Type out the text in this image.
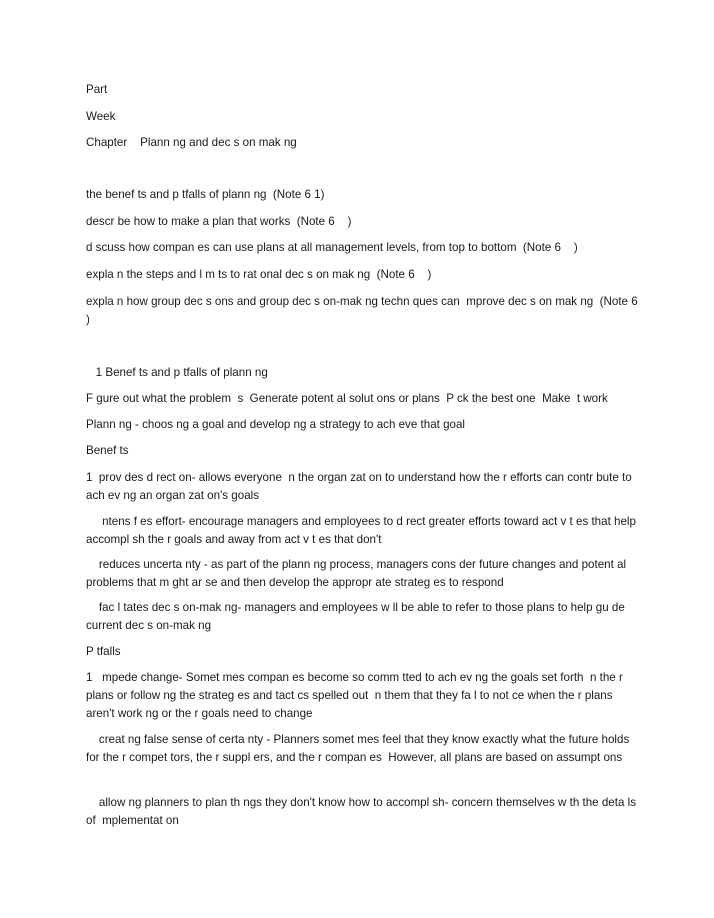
Part

Week

Chapter    Plann ng and dec s on mak ng

the benef ts and p tfalls of plann ng  (Note 6 1)

descr be how to make a plan that works  (Note 6    )

d scuss how compan es can use plans at all management levels, from top to bottom  (Note 6    )

expla n the steps and l m ts to rat onal dec s on mak ng  (Note 6    )

expla n how group dec s ons and group dec s on-mak ng techn ques can  mprove dec s on mak ng  (Note 6    )

1 Benef ts and p tfalls of plann ng

F gure out what the problem  s  Generate potent al solut ons or plans  P ck the best one  Make  t work

Plann ng - choos ng a goal and develop ng a strategy to ach eve that goal

Benef ts

1  prov des d rect on- allows everyone  n the organ zat on to understand how the r efforts can contr bute to ach ev ng an organ zat on's goals

ntens f es effort- encourage managers and employees to d rect greater efforts toward act v t es that help accompl sh the r goals and away from act v t es that don't

reduces uncerta nty - as part of the plann ng process, managers cons der future changes and potent al problems that m ght ar se and then develop the appropr ate strateg es to respond

fac l tates dec s on-mak ng- managers and employees w ll be able to refer to those plans to help gu de current dec s on-mak ng

P tfalls

1   mpede change- Somet mes compan es become so comm tted to ach ev ng the goals set forth  n the r plans or follow ng the strateg es and tact cs spelled out  n them that they fa l to not ce when the r plans aren't work ng or the r goals need to change

creat ng false sense of certa nty - Planners somet mes feel that they know exactly what the future holds for the r compet tors, the r suppl ers, and the r compan es  However, all plans are based on assumpt ons

allow ng planners to plan th ngs they don't know how to accompl sh- concern themselves w th the deta ls of  mplementat on
